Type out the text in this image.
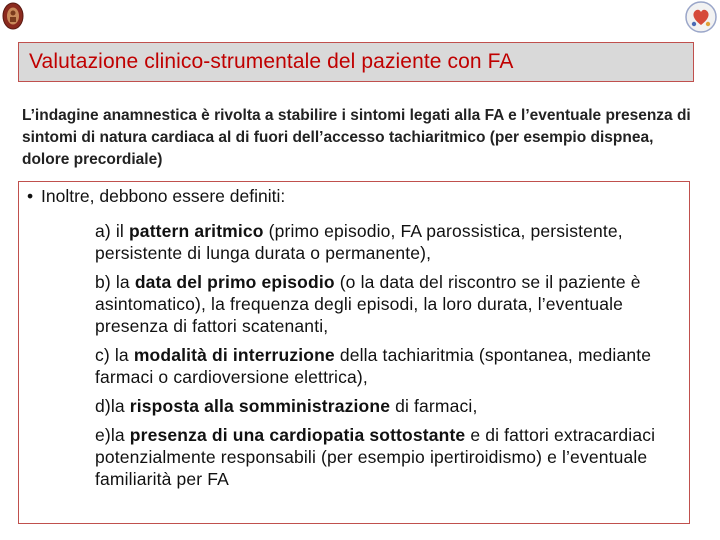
Valutazione clinico-strumentale del paziente con FA
L’indagine anamnestica è rivolta a stabilire i sintomi legati alla FA e l’eventuale presenza di sintomi di natura cardiaca al di fuori dell’accesso tachiaritmico (per esempio dispnea, dolore precordiale)
• Inoltre, debbono essere definiti:
a) il pattern aritmico (primo episodio, FA parossistica, persistente, persistente di lunga durata o permanente),
b) la data del primo episodio (o la data del riscontro se il paziente è asintomatico), la frequenza degli episodi, la loro durata, l’eventuale presenza di fattori scatenanti,
c) la modalità di interruzione della tachiaritmia (spontanea, mediante farmaci o cardioversione elettrica),
d)la risposta alla somministrazione di farmaci,
e)la presenza di una cardiopatia sottostante e di fattori extracardiaci potenzialmente responsabili (per esempio ipertiroidismo) e l’eventuale familiarità per FA
